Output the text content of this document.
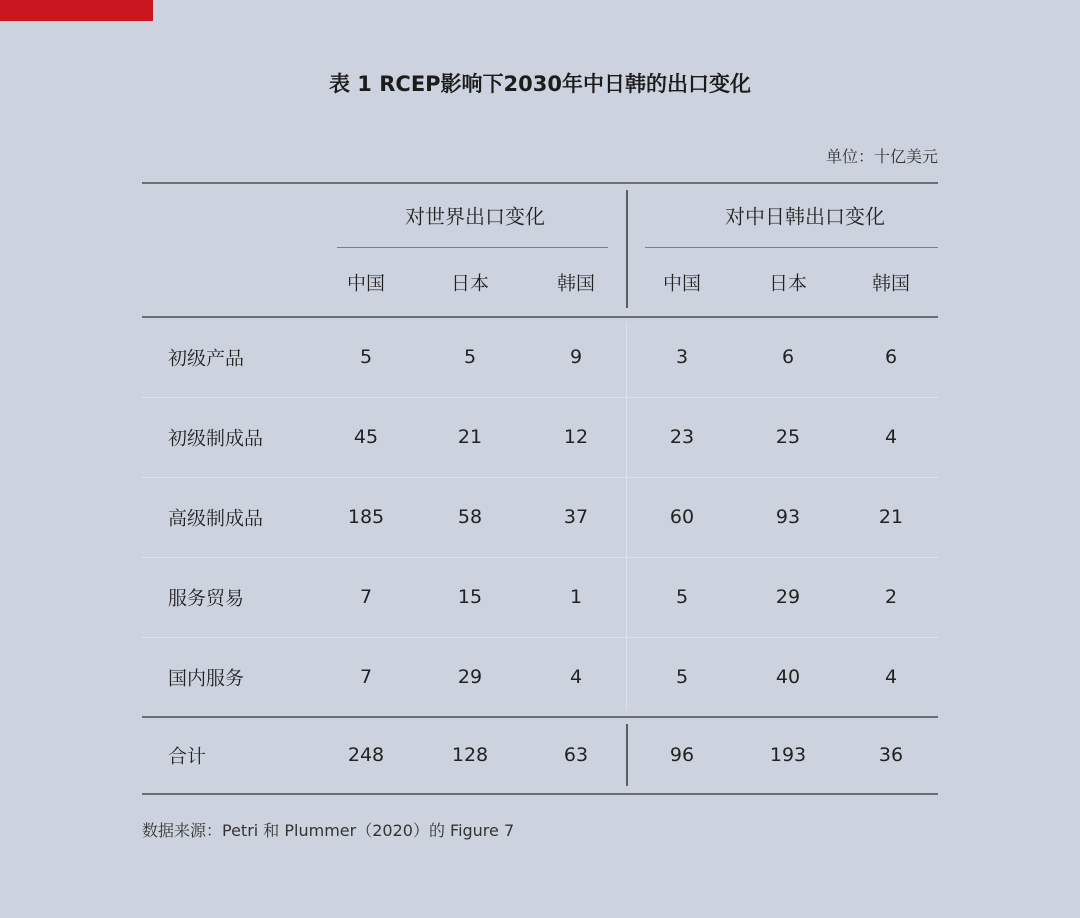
表 1 RCEP影响下2030年中日韩的出口变化
单位：十亿美元
对世界出口变化	对中日韩出口变化
中国	日本	韩国	中国	日本	韩国
初级产品	5	5	9	3	6	6
初级制成品	45	21	12	23	25	4
高级制成品	185	58	37	60	93	21
服务贸易	7	15	1	5	29	2
国内服务	7	29	4	5	40	4
合计	248	128	63	96	193	36
数据来源：Petri 和 Plummer（2020）的 Figure 7
